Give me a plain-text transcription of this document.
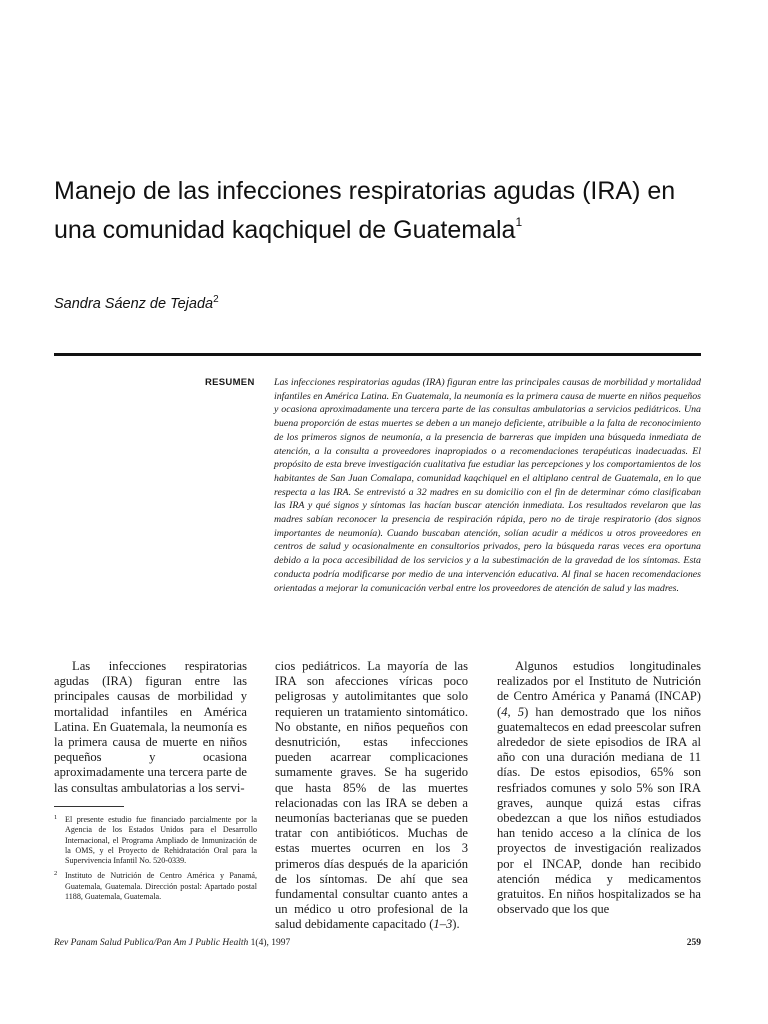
Manejo de las infecciones respiratorias agudas (IRA) en una comunidad kaqchiquel de Guatemala$^1$
Sandra Sáenz de Tejada$^2$
RESUMEN Las infecciones respiratorias agudas (IRA) figuran entre las principales causas de morbilidad y mortalidad infantiles en América Latina. En Guatemala, la neumonía es la primera causa de muerte en niños pequeños y ocasiona aproximadamente una tercera parte de las consultas ambulatorias a servicios pediátricos. Una buena proporción de estas muertes se deben a un manejo deficiente, atribuible a la falta de reconocimiento de los primeros signos de neumonía, a la presencia de barreras que impiden una búsqueda inmediata de atención, a la consulta a proveedores inapropiados o a recomendaciones terapéuticas inadecuadas. El propósito de esta breve investigación cualitativa fue estudiar las percepciones y los comportamientos de los habitantes de San Juan Comalapa, comunidad kaqchiquel en el altiplano central de Guatemala, en lo que respecta a las IRA. Se entrevistó a 32 madres en su domicilio con el fin de determinar cómo clasificaban las IRA y qué signos y síntomas las hacían buscar atención inmediata. Los resultados revelaron que las madres sabían reconocer la presencia de respiración rápida, pero no de tiraje respiratorio (dos signos importantes de neumonía). Cuando buscaban atención, solían acudir a médicos u otros proveedores en centros de salud y ocasionalmente en consultorios privados, pero la búsqueda raras veces era oportuna debido a la poca accesibilidad de los servicios y a la subestimación de la gravedad de los síntomas. Esta conducta podría modificarse por medio de una intervención educativa. Al final se hacen recomendaciones orientadas a mejorar la comunicación verbal entre los proveedores de atención de salud y las madres.

Las infecciones respiratorias agudas (IRA) figuran entre las principales causas de morbilidad y mortalidad infantiles en América Latina. En Guatemala, la neumonía es la primera causa de muerte en niños pequeños y ocasiona aproximadamente una tercera parte de las consultas ambulatorias a los servi-

1 El presente estudio fue financiado parcialmente por la Agencia de los Estados Unidos para el Desarrollo Internacional, el Programa Ampliado de Inmunización de la OMS, y el Proyecto de Rehidratación Oral para la Supervivencia Infantil No. 520-0339.
2 Instituto de Nutrición de Centro América y Panamá, Guatemala, Guatemala. Dirección postal: Apartado postal 1188, Guatemala, Guatemala.

cios pediátricos. La mayoría de las IRA son afecciones víricas poco peligrosas y autolimitantes que solo requieren un tratamiento sintomático. No obstante, en niños pequeños con desnutrición, estas infecciones pueden acarrear complicaciones sumamente graves. Se ha sugerido que hasta 85% de las muertes relacionadas con las IRA se deben a neumonías bacterianas que se pueden tratar con antibióticos. Muchas de estas muertes ocurren en los 3 primeros días después de la aparición de los síntomas. De ahí que sea fundamental consultar cuanto antes a un médico u otro profesional de la salud debidamente capacitado (1–3).

Algunos estudios longitudinales realizados por el Instituto de Nutrición de Centro América y Panamá (INCAP) (4, 5) han demostrado que los niños guatemaltecos en edad preescolar sufren alrededor de siete episodios de IRA al año con una duración mediana de 11 días. De estos episodios, 65% son resfriados comunes y solo 5% son IRA graves, aunque quizá estas cifras obedezcan a que los niños estudiados han tenido acceso a la clínica de los proyectos de investigación realizados por el INCAP, donde han recibido atención médica y medicamentos gratuitos. En niños hospitalizados se ha observado que los que

Rev Panam Salud Publica/Pan Am J Public Health 1(4), 1997	259
